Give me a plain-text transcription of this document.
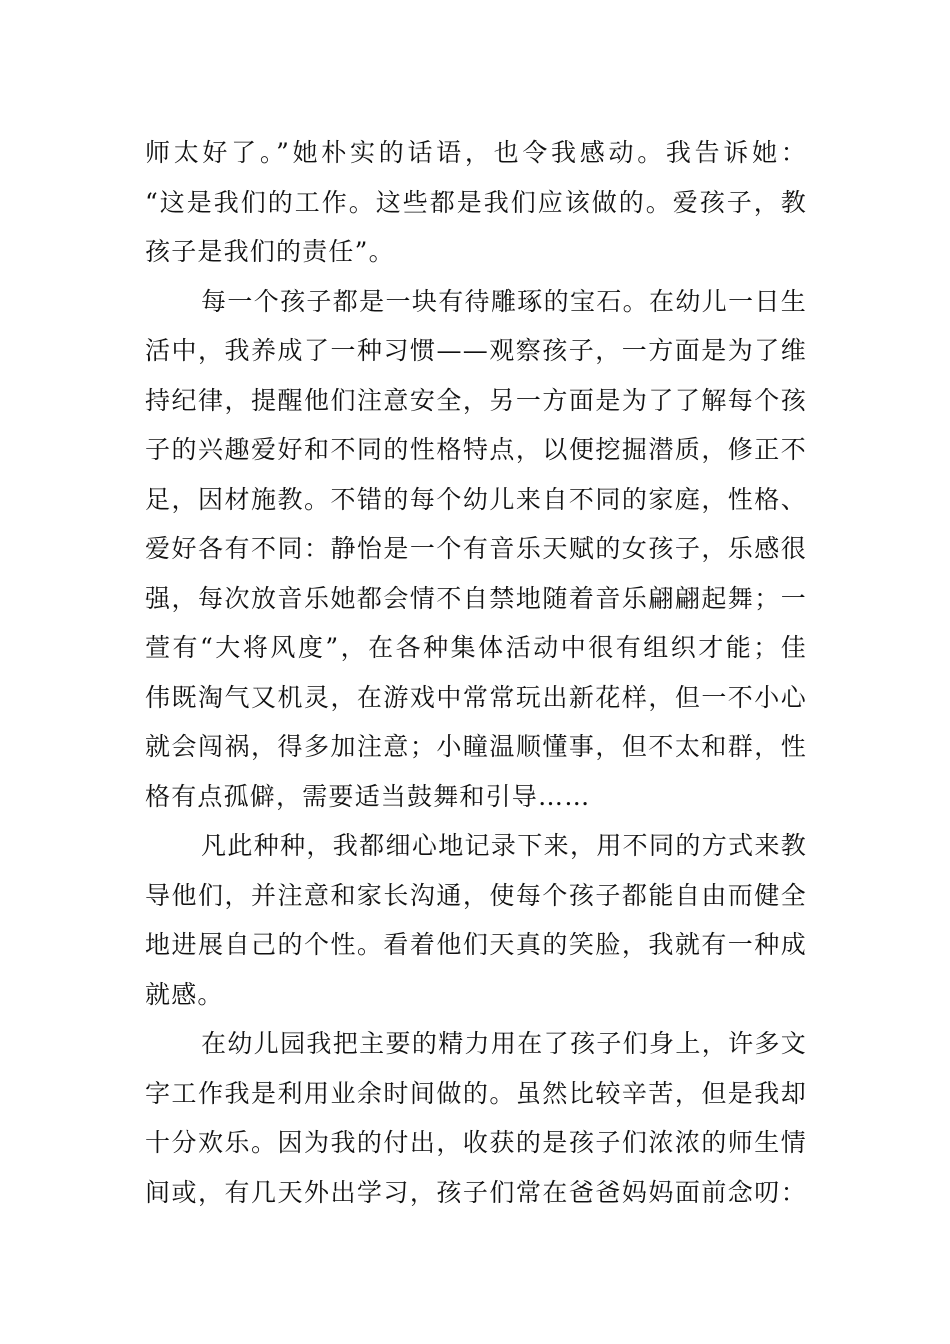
师太好了。”她朴实的话语，也令我感动。我告诉她：
“这是我们的工作。这些都是我们应该做的。爱孩子，教
孩子是我们的责任”。
每一个孩子都是一块有待雕琢的宝石。在幼儿一日生
活中，我养成了一种习惯——观察孩子，一方面是为了维
持纪律，提醒他们注意安全，另一方面是为了了解每个孩
子的兴趣爱好和不同的性格特点，以便挖掘潜质，修正不
足，因材施教。不错的每个幼儿来自不同的家庭，性格、
爱好各有不同：静怡是一个有音乐天赋的女孩子，乐感很
强，每次放音乐她都会情不自禁地随着音乐翩翩起舞；一
萱有“大将风度”，在各种集体活动中很有组织才能；佳
伟既淘气又机灵，在游戏中常常玩出新花样，但一不小心
就会闯祸，得多加注意；小瞳温顺懂事，但不太和群，性
格有点孤僻，需要适当鼓舞和引导……
凡此种种，我都细心地记录下来，用不同的方式来教
导他们，并注意和家长沟通，使每个孩子都能自由而健全
地进展自己的个性。看着他们天真的笑脸，我就有一种成
就感。
在幼儿园我把主要的精力用在了孩子们身上，许多文
字工作我是利用业余时间做的。虽然比较辛苦，但是我却
十分欢乐。因为我的付出，收获的是孩子们浓浓的师生情
间或，有几天外出学习，孩子们常在爸爸妈妈面前念叨：
